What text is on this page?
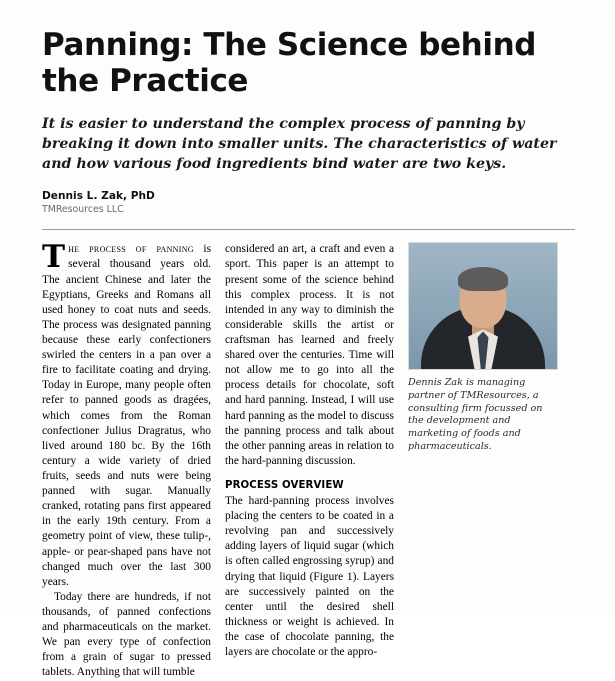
Panning: The Science behind the Practice

It is easier to understand the complex process of panning by breaking it down into smaller units. The characteristics of water and how various food ingredients bind water are two keys.

Dennis L. Zak, PhD

TMResources LLC

The process of panning is several thousand years old. The ancient Chinese and later the Egyptians, Greeks and Romans all used honey to coat nuts and seeds. The process was designated panning because these early confectioners swirled the centers in a pan over a fire to facilitate coating and drying. Today in Europe, many people often refer to panned goods as dragées, which comes from the Roman confectioner Julius Dragratus, who lived around 180 bc. By the 16th century a wide variety of dried fruits, seeds and nuts were being panned with sugar. Manually cranked, rotating pans first appeared in the early 19th century. From a geometry point of view, these tulip-, apple- or pear-shaped pans have not changed much over the last 300 years.

Today there are hundreds, if not thousands, of panned confections and pharmaceuticals on the market. We pan every type of confection from a grain of sugar to pressed tablets. Anything that will tumble

considered an art, a craft and even a sport. This paper is an attempt to present some of the science behind this complex process. It is not intended in any way to diminish the considerable skills the artist or craftsman has learned and freely shared over the centuries. Time will not allow me to go into all the process details for chocolate, soft and hard panning. Instead, I will use hard panning as the model to discuss the panning process and talk about the other panning areas in relation to the hard-panning discussion.

PROCESS OVERVIEW

The hard-panning process involves placing the centers to be coated in a revolving pan and successively adding layers of liquid sugar (which is often called engrossing syrup) and drying that liquid (Figure 1). Layers are successively painted on the center until the desired shell thickness or weight is achieved. In the case of chocolate panning, the layers are chocolate or the appro-

Dennis Zak is managing partner of TMResources, a consulting firm focussed on the development and marketing of foods and pharmaceuticals.
